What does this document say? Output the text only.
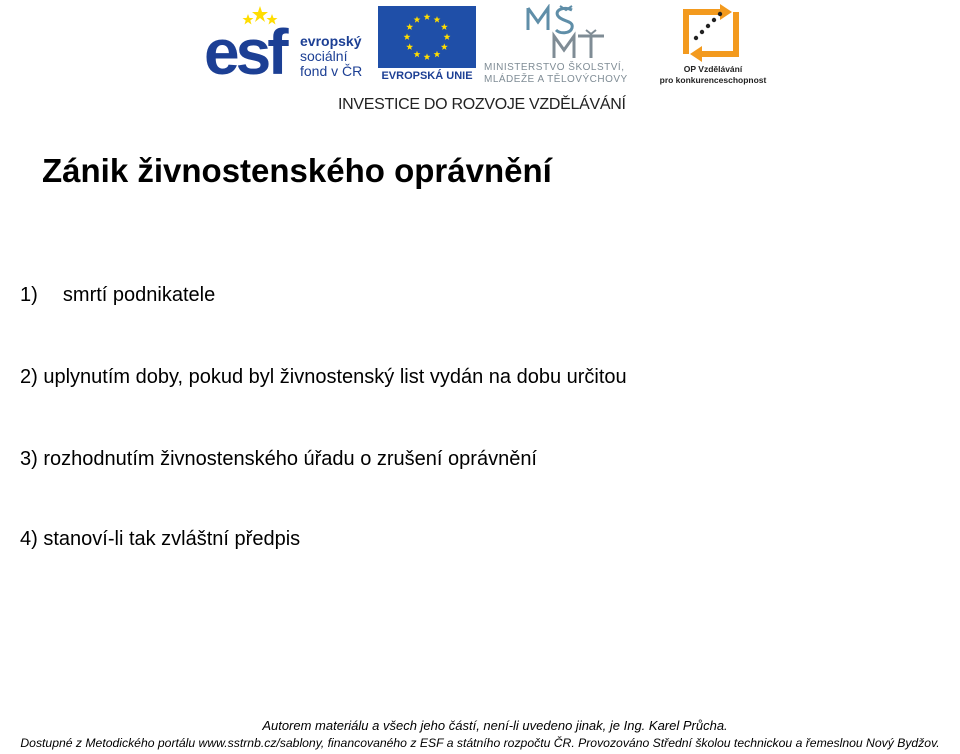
esf evropský
sociální
fond v ČR	EVROPSKÁ UNIE
MINISTERSTVO ŠKOLSTVÍ,
MLÁDEŽE A TĚLOVÝCHOVY
OP Vzdělávání
pro konkurenceschopnost
INVESTICE DO ROZVOJE VZDĚLÁVÁNÍ
Zánik živnostenského oprávnění
1) smrtí podnikatele
2) uplynutím doby, pokud byl živnostenský list vydán na dobu určitou
3) rozhodnutím živnostenského úřadu o zrušení oprávnění
4) stanoví-li tak zvláštní předpis
Autorem materiálu a všech jeho částí, není-li uvedeno jinak, je Ing. Karel Průcha.
Dostupné z Metodického portálu www.sstrnb.cz/sablony, financovaného z ESF a státního rozpočtu ČR. Provozováno Střední školou technickou a řemeslnou Nový Bydžov.
